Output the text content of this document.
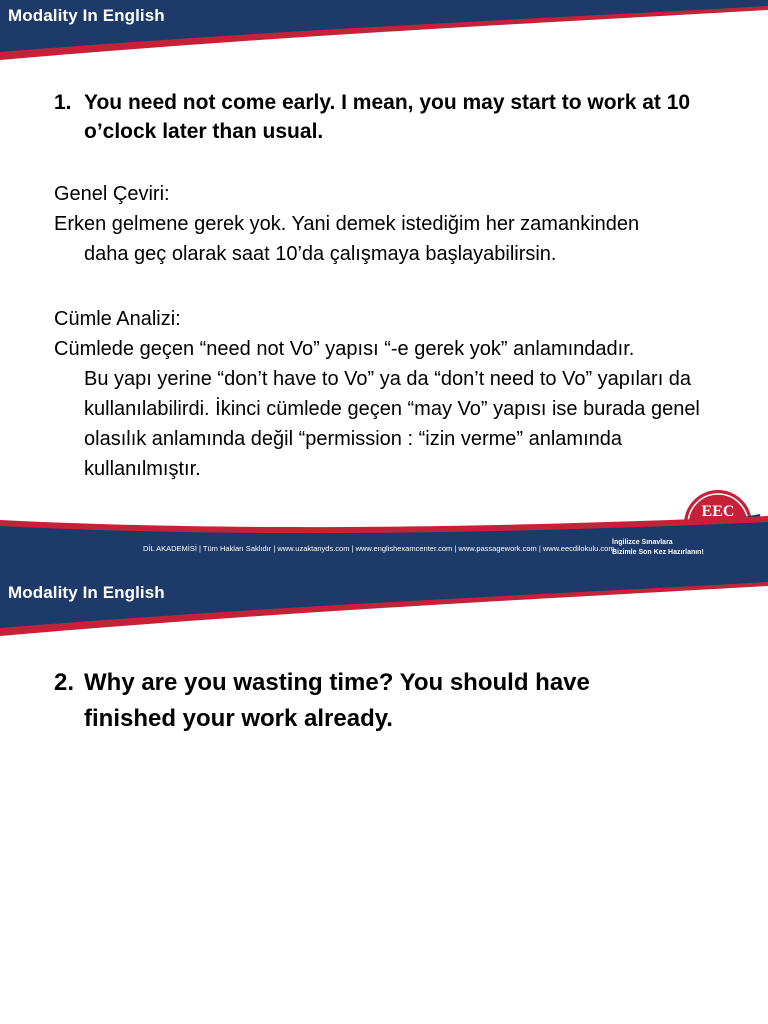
Modality In English
1. You need not come early. I mean, you may start to work at 10 o’clock later than usual.
Genel Çeviri:
Erken gelmene gerek yok. Yani demek istediğim her zamankinden
daha geç olarak saat 10’da çalışmaya başlayabilirsin.
Cümle Analizi:
Cümlede geçen “need not Vo” yapısı “-e gerek yok” anlamındadır.
Bu yapı yerine “don’t have to Vo” ya da “don’t need to Vo” yapıları da kullanılabilirdi. İkinci cümlede geçen “may Vo” yapısı ise burada genel olasılık anlamında değil “permission : “izin verme” anlamında kullanılmıştır.
EEC
DİL AKADEMİSİ | Tüm Hakları Saklıdır | www.uzaktanyds.com | www.englishexamcenter.com | www.passagework.com | www.eecdilokulu.com
İngilizce Sınavlara
Bizimle Son Kez Hazırlanın!
Modality In English
2. Why are you wasting time? You should have finished your work already.
